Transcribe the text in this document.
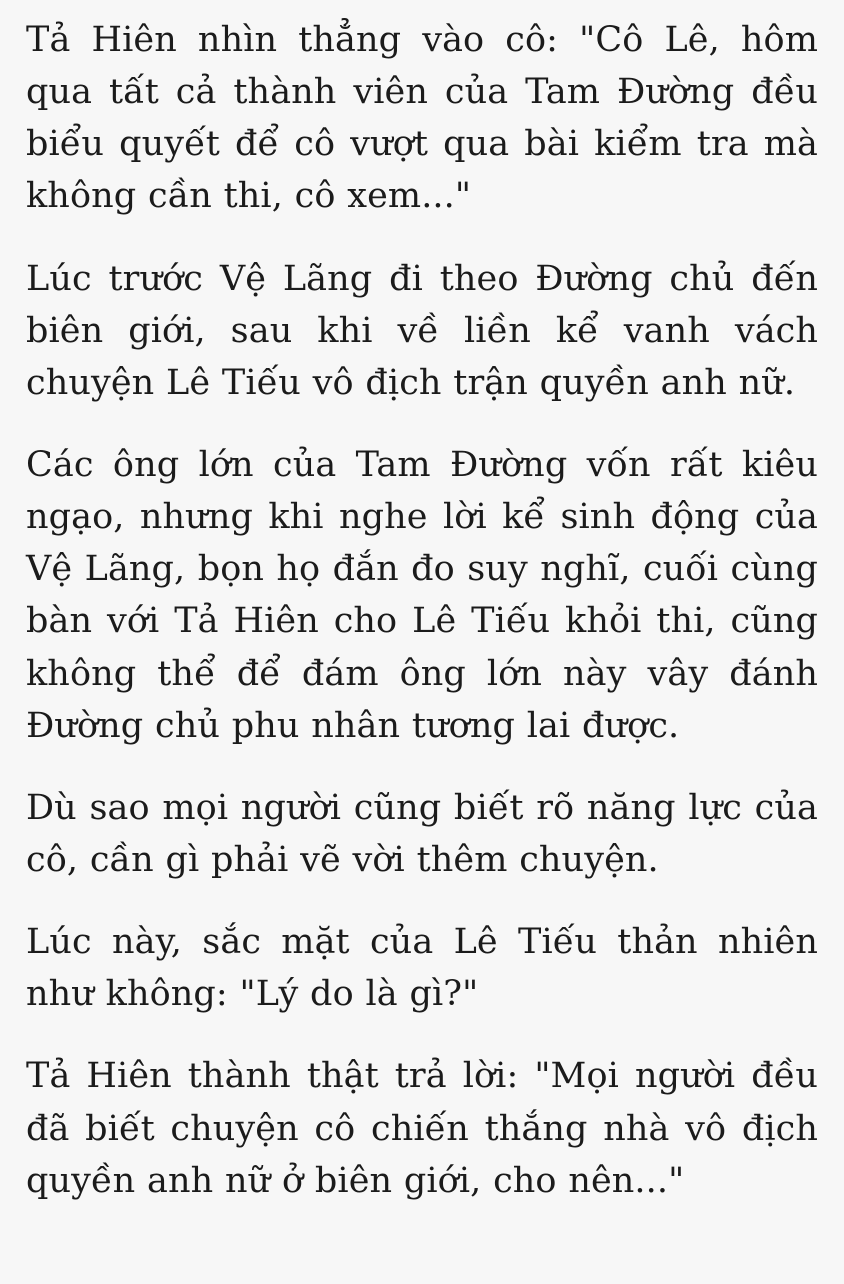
Tả Hiên nhìn thẳng vào cô: "Cô Lê, hôm qua tất cả thành viên của Tam Đường đều biểu quyết để cô vượt qua bài kiểm tra mà không cần thi, cô xem..."

Lúc trước Vệ Lãng đi theo Đường chủ đến biên giới, sau khi về liền kể vanh vách chuyện Lê Tiếu vô địch trận quyền anh nữ.

Các ông lớn của Tam Đường vốn rất kiêu ngạo, nhưng khi nghe lời kể sinh động của Vệ Lãng, bọn họ đắn đo suy nghĩ, cuối cùng bàn với Tả Hiên cho Lê Tiếu khỏi thi, cũng không thể để đám ông lớn này vây đánh Đường chủ phu nhân tương lai được.

Dù sao mọi người cũng biết rõ năng lực của cô, cần gì phải vẽ vời thêm chuyện.

Lúc này, sắc mặt của Lê Tiếu thản nhiên như không: "Lý do là gì?"

Tả Hiên thành thật trả lời: "Mọi người đều đã biết chuyện cô chiến thắng nhà vô địch quyền anh nữ ở biên giới, cho nên..."
